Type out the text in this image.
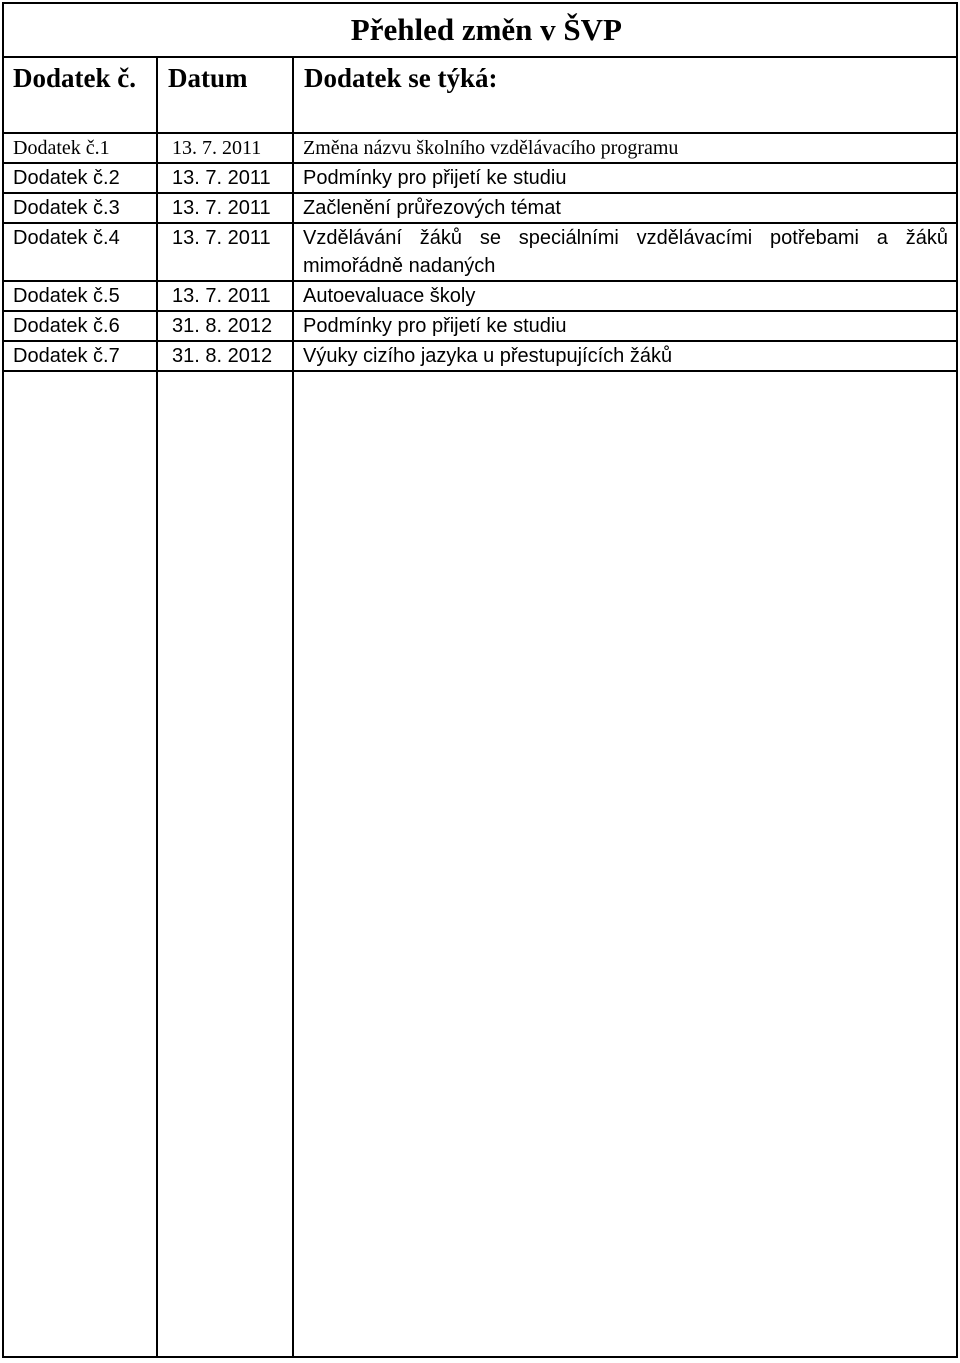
Přehled změn v ŠVP		
Dodatek č.	Datum	Dodatek se týká:
Dodatek č.1	13. 7. 2011	Změna názvu školního vzdělávacího programu
Dodatek č.2	13. 7. 2011	Podmínky pro přijetí ke studiu
Dodatek č.3	13. 7. 2011	Začlenění průřezových témat
Dodatek č.4	13. 7. 2011	Vzdělávání žáků se speciálními vzdělávacími potřebami a žáků mimořádně nadaných
Dodatek č.5	13. 7. 2011	Autoevaluace školy
Dodatek č.6	31. 8. 2012	Podmínky pro přijetí ke studiu
Dodatek č.7	31. 8. 2012	Výuky cizího jazyka u přestupujících žáků
